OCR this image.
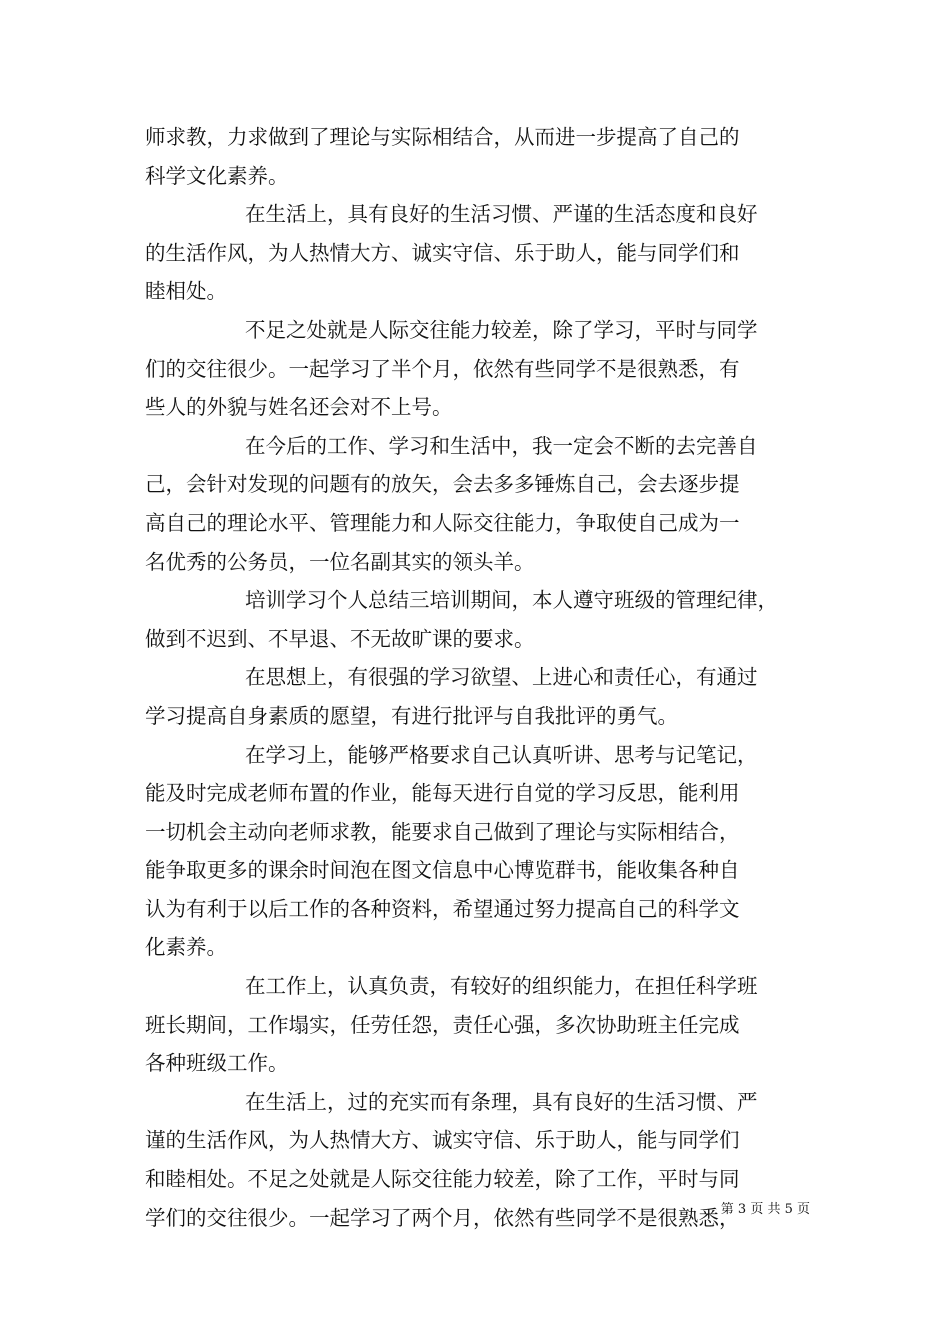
师求教，力求做到了理论与实际相结合，从而进一步提高了自己的
科学文化素养。
在生活上，具有良好的生活习惯、严谨的生活态度和良好
的生活作风，为人热情大方、诚实守信、乐于助人，能与同学们和
睦相处。
不足之处就是人际交往能力较差，除了学习，平时与同学
们的交往很少。一起学习了半个月，依然有些同学不是很熟悉，有
些人的外貌与姓名还会对不上号。
在今后的工作、学习和生活中，我一定会不断的去完善自
己，会针对发现的问题有的放矢，会去多多锤炼自己，会去逐步提
高自己的理论水平、管理能力和人际交往能力，争取使自己成为一
名优秀的公务员，一位名副其实的领头羊。
培训学习个人总结三培训期间，本人遵守班级的管理纪律，
做到不迟到、不早退、不无故旷课的要求。
在思想上，有很强的学习欲望、上进心和责任心，有通过
学习提高自身素质的愿望，有进行批评与自我批评的勇气。
在学习上，能够严格要求自己认真听讲、思考与记笔记，
能及时完成老师布置的作业，能每天进行自觉的学习反思，能利用
一切机会主动向老师求教，能要求自己做到了理论与实际相结合，
能争取更多的课余时间泡在图文信息中心博览群书，能收集各种自
认为有利于以后工作的各种资料，希望通过努力提高自己的科学文
化素养。
在工作上，认真负责，有较好的组织能力，在担任科学班
班长期间，工作塌实，任劳任怨，责任心强，多次协助班主任完成
各种班级工作。
在生活上，过的充实而有条理，具有良好的生活习惯、严
谨的生活作风，为人热情大方、诚实守信、乐于助人，能与同学们
和睦相处。不足之处就是人际交往能力较差，除了工作，平时与同
学们的交往很少。一起学习了两个月，依然有些同学不是很熟悉，
第 3 页 共 5 页
